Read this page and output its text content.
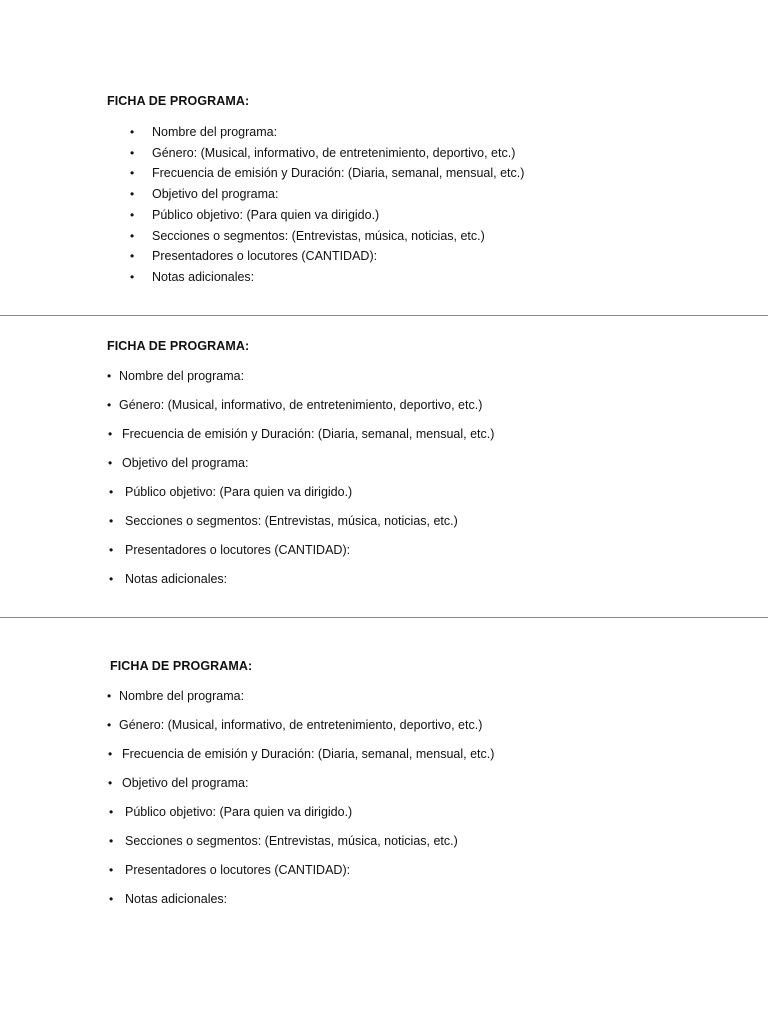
FICHA DE PROGRAMA:
• Nombre del programa:
• Género: (Musical, informativo, de entretenimiento, deportivo, etc.)
• Frecuencia de emisión y Duración: (Diaria, semanal, mensual, etc.)
• Objetivo del programa:
• Público objetivo: (Para quien va dirigido.)
• Secciones o segmentos: (Entrevistas, música, noticias, etc.)
• Presentadores o locutores (CANTIDAD):
• Notas adicionales:
FICHA DE PROGRAMA:
• Nombre del programa:
• Género: (Musical, informativo, de entretenimiento, deportivo, etc.)
• Frecuencia de emisión y Duración: (Diaria, semanal, mensual, etc.)
• Objetivo del programa:
• Público objetivo: (Para quien va dirigido.)
• Secciones o segmentos: (Entrevistas, música, noticias, etc.)
• Presentadores o locutores (CANTIDAD):
• Notas adicionales:
FICHA DE PROGRAMA:
• Nombre del programa:
• Género: (Musical, informativo, de entretenimiento, deportivo, etc.)
• Frecuencia de emisión y Duración: (Diaria, semanal, mensual, etc.)
• Objetivo del programa:
• Público objetivo: (Para quien va dirigido.)
• Secciones o segmentos: (Entrevistas, música, noticias, etc.)
• Presentadores o locutores (CANTIDAD):
• Notas adicionales:
